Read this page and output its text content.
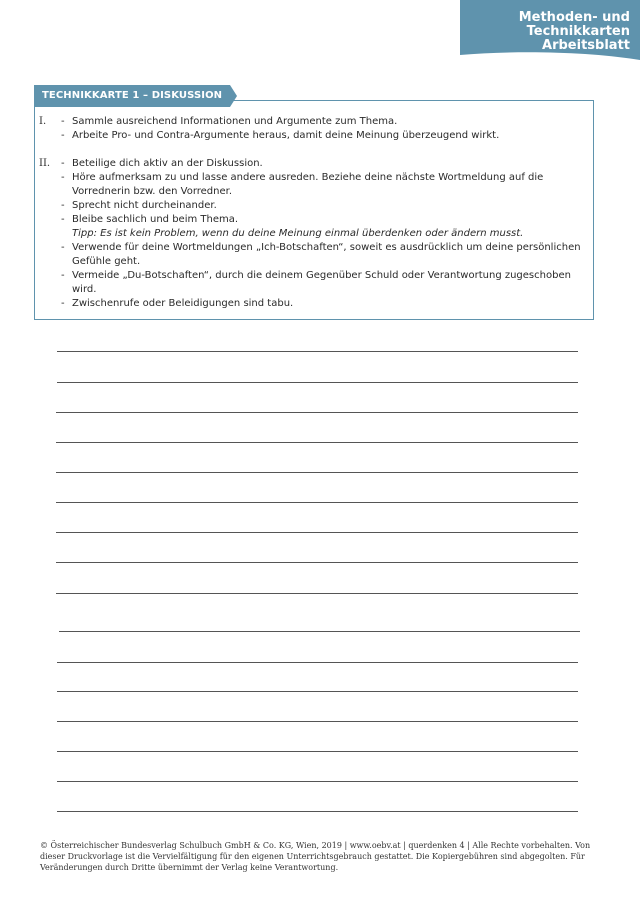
Methoden- und
Technikkarten
Arbeitsblatt
TECHNIKKARTE 1 – DISKUSSION
I.	- Sammle ausreichend Informationen und Argumente zum Thema.
- Arbeite Pro- und Contra-Argumente heraus, damit deine Meinung überzeugend wirkt.
II.	- Beteilige dich aktiv an der Diskussion.
- Höre aufmerksam zu und lasse andere ausreden. Beziehe deine nächste Wortmeldung auf die Vorrednerin bzw. den Vorredner.
- Sprecht nicht durcheinander.
- Bleibe sachlich und beim Thema.
Tipp: Es ist kein Problem, wenn du deine Meinung einmal überdenken oder ändern musst.
- Verwende für deine Wortmeldungen „Ich-Botschaften“, soweit es ausdrücklich um deine persönlichen Gefühle geht.
- Vermeide „Du-Botschaften“, durch die deinem Gegenüber Schuld oder Verantwortung zugeschoben wird.
- Zwischenrufe oder Beleidigungen sind tabu.
© Österreichischer Bundesverlag Schulbuch GmbH & Co. KG, Wien, 2019 | www.oebv.at | querdenken 4 | Alle Rechte vorbehalten. Von dieser Druckvorlage ist die Vervielfältigung für den eigenen Unterrichtsgebrauch gestattet. Die Kopiergebühren sind abgegolten. Für Veränderungen durch Dritte übernimmt der Verlag keine Verantwortung.
